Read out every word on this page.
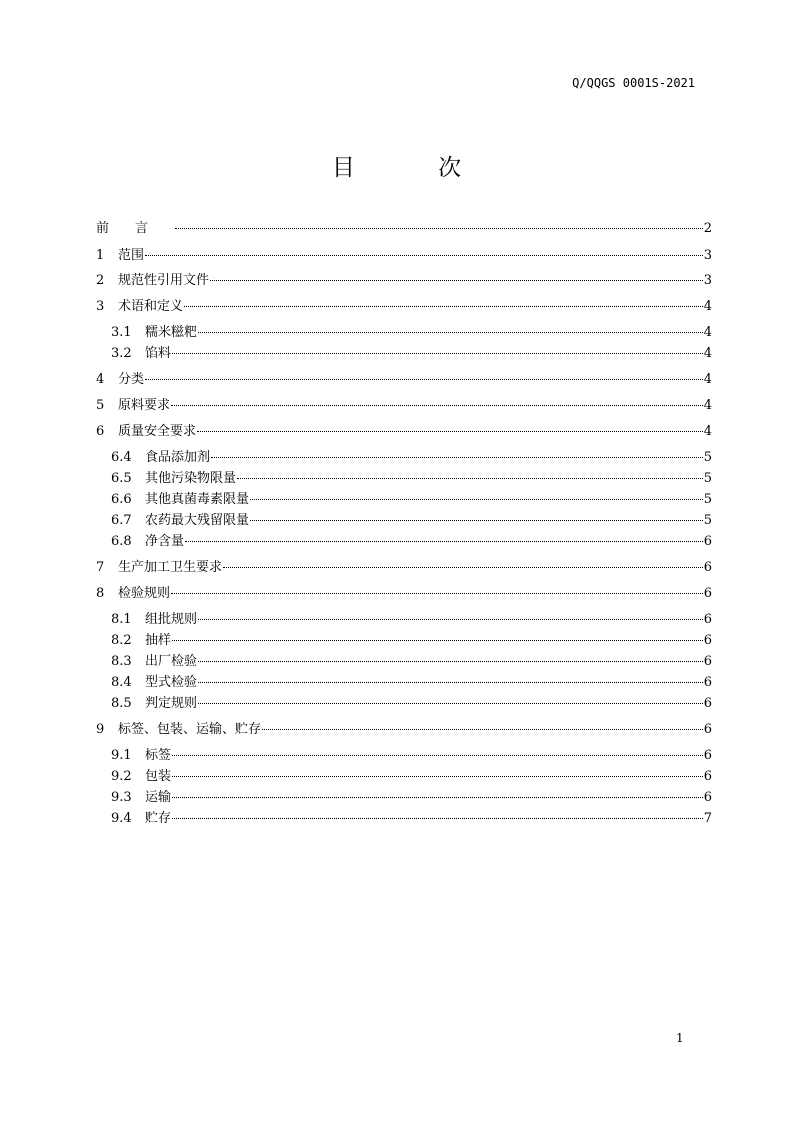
Q/QQGS 0001S-2021
目 次
前言	2
1	范围	3
2	规范性引用文件	3
3	术语和定义	4
3.1	糯米糍粑	4
3.2	馅料	4
4	分类	4
5	原料要求	4
6	质量安全要求	4
6.4	食品添加剂	5
6.5	其他污染物限量	5
6.6	其他真菌毒素限量	5
6.7	农药最大残留限量	5
6.8	净含量	6
7	生产加工卫生要求	6
8	检验规则	6
8.1	组批规则	6
8.2	抽样	6
8.3	出厂检验	6
8.4	型式检验	6
8.5	判定规则	6
9	标签、包装、运输、贮存	6
9.1	标签	6
9.2	包装	6
9.3	运输	6
9.4	贮存	7
1
